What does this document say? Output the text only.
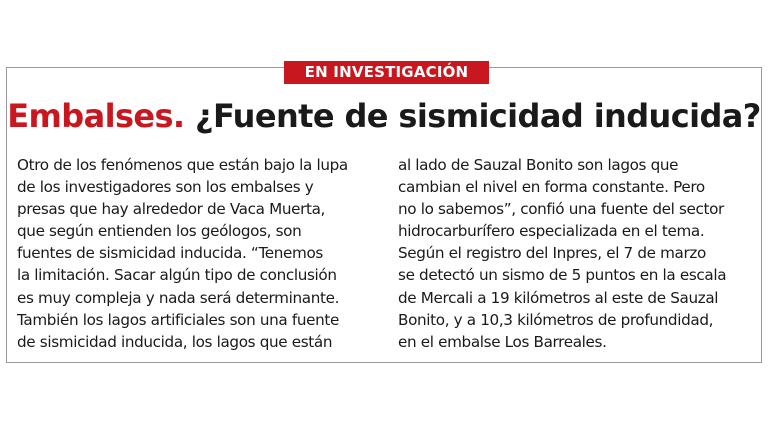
EN INVESTIGACIÓN
Embalses. ¿Fuente de sismicidad inducida?
Otro de los fenómenos que están bajo la lupa
de los investigadores son los embalses y
presas que hay alrededor de Vaca Muerta,
que según entienden los geólogos, son
fuentes de sismicidad inducida. “Tenemos
la limitación. Sacar algún tipo de conclusión
es muy compleja y nada será determinante.
También los lagos artificiales son una fuente
de sismicidad inducida, los lagos que están
al lado de Sauzal Bonito son lagos que
cambian el nivel en forma constante. Pero
no lo sabemos”, confió una fuente del sector
hidrocarburífero especializada en el tema.
Según el registro del Inpres, el 7 de marzo
se detectó un sismo de 5 puntos en la escala
de Mercali a 19 kilómetros al este de Sauzal
Bonito, y a 10,3 kilómetros de profundidad,
en el embalse Los Barreales.
